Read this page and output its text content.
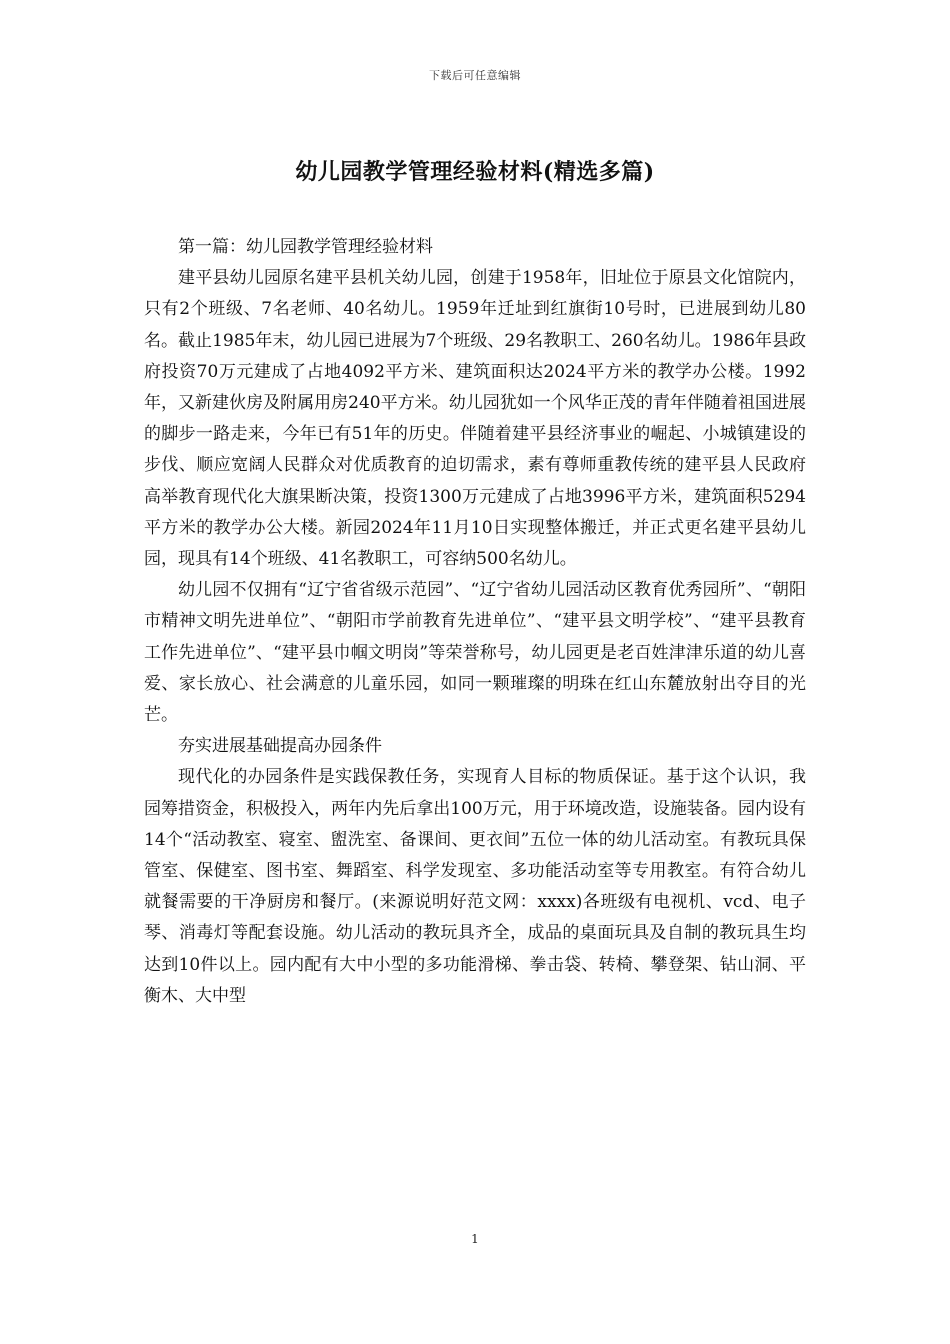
下载后可任意编辑
幼儿园教学管理经验材料(精选多篇)

第一篇：幼儿园教学管理经验材料

建平县幼儿园原名建平县机关幼儿园，创建于1958年，旧址位于原县文化馆院内，只有2个班级、7名老师、40名幼儿。1959年迁址到红旗街10号时，已进展到幼儿80名。截止1985年末，幼儿园已进展为7个班级、29名教职工、260名幼儿。1986年县政府投资70万元建成了占地4092平方米、建筑面积达2024平方米的教学办公楼。1992年，又新建伙房及附属用房240平方米。幼儿园犹如一个风华正茂的青年伴随着祖国进展的脚步一路走来，今年已有51年的历史。伴随着建平县经济事业的崛起、小城镇建设的步伐、顺应宽阔人民群众对优质教育的迫切需求，素有尊师重教传统的建平县人民政府高举教育现代化大旗果断决策，投资1300万元建成了占地3996平方米，建筑面积5294平方米的教学办公大楼。新园2024年11月10日实现整体搬迁，并正式更名建平县幼儿园，现具有14个班级、41名教职工，可容纳500名幼儿。

幼儿园不仅拥有“辽宁省省级示范园”、“辽宁省幼儿园活动区教育优秀园所”、“朝阳市精神文明先进单位”、“朝阳市学前教育先进单位”、“建平县文明学校”、“建平县教育工作先进单位”、“建平县巾帼文明岗”等荣誉称号，幼儿园更是老百姓津津乐道的幼儿喜爱、家长放心、社会满意的儿童乐园，如同一颗璀璨的明珠在红山东麓放射出夺目的光芒。

夯实进展基础提高办园条件

现代化的办园条件是实践保教任务，实现育人目标的物质保证。基于这个认识，我园筹措资金，积极投入，两年内先后拿出100万元，用于环境改造，设施装备。园内设有14个“活动教室、寝室、盥洗室、备课间、更衣间”五位一体的幼儿活动室。有教玩具保管室、保健室、图书室、舞蹈室、科学发现室、多功能活动室等专用教室。有符合幼儿就餐需要的干净厨房和餐厅。(来源说明好范文网：xxxx)各班级有电视机、vcd、电子琴、消毒灯等配套设施。幼儿活动的教玩具齐全，成品的桌面玩具及自制的教玩具生均达到10件以上。园内配有大中小型的多功能滑梯、拳击袋、转椅、攀登架、钻山洞、平衡木、大中型

1
